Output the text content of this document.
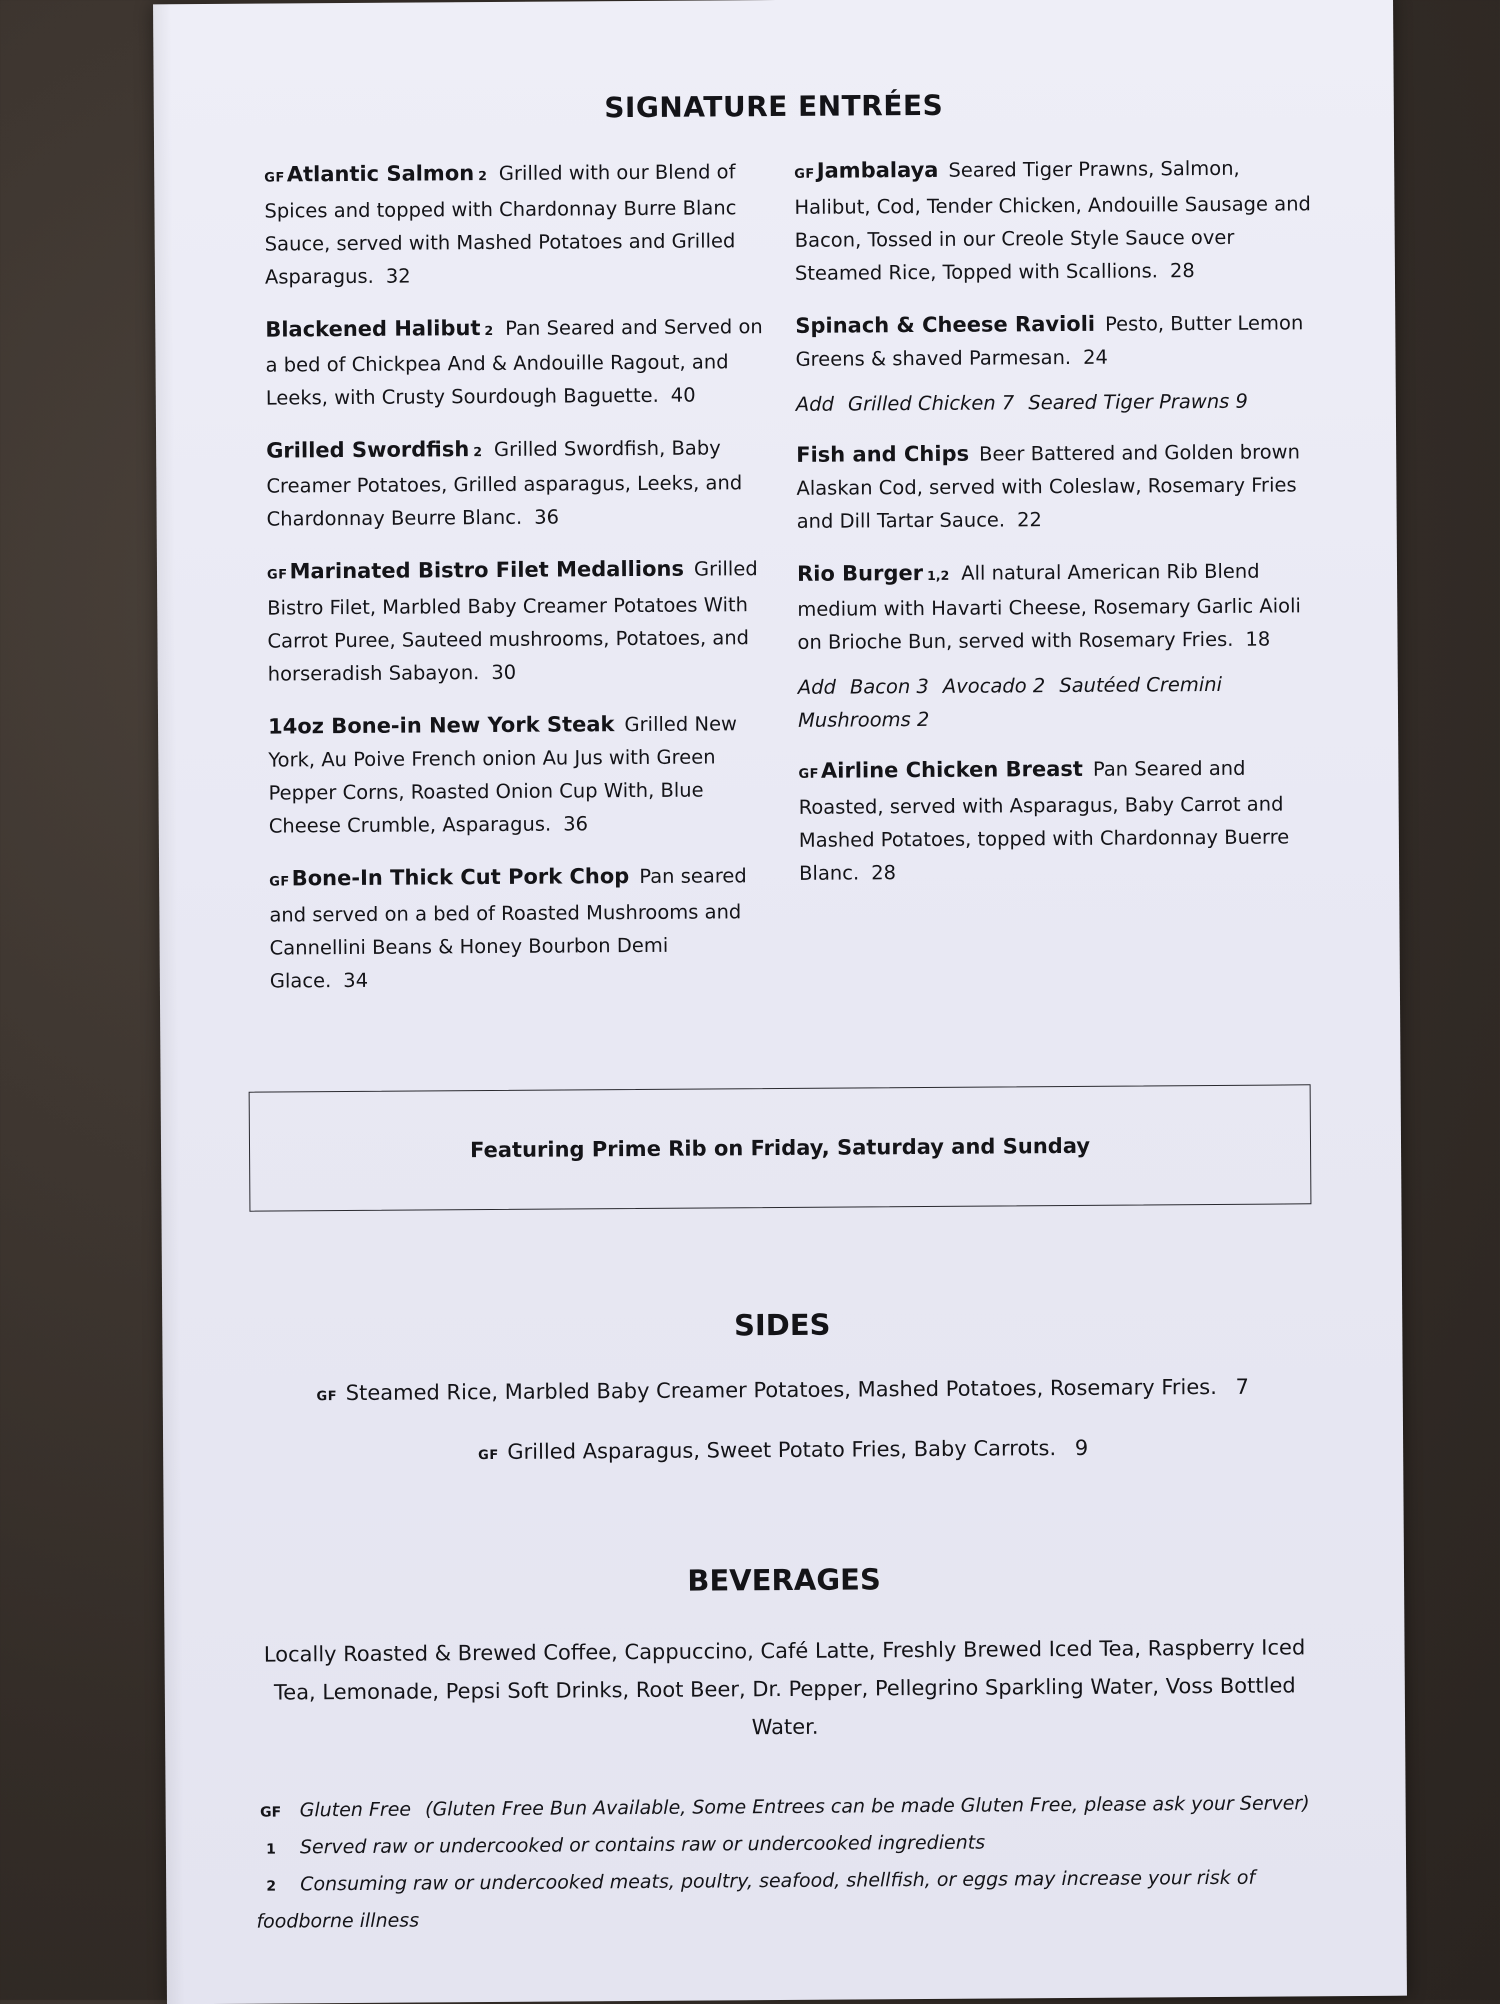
SIGNATURE ENTRÉES
GFAtlantic Salmon 2 Grilled with our Blend of Spices and topped with Chardonnay Burre Blanc Sauce, served with Mashed Potatoes and Grilled Asparagus. 32
Blackened Halibut 2 Pan Seared and Served on a bed of Chickpea And & Andouille Ragout, and Leeks, with Crusty Sourdough Baguette. 40
Grilled Swordfish 2 Grilled Swordfish, Baby Creamer Potatoes, Grilled asparagus, Leeks, and Chardonnay Beurre Blanc. 36
GFMarinated Bistro Filet Medallions Grilled Bistro Filet, Marbled Baby Creamer Potatoes With Carrot Puree, Sauteed mushrooms, Potatoes, and horseradish Sabayon. 30
14oz Bone-in New York Steak Grilled New York, Au Poive French onion Au Jus with Green Pepper Corns, Roasted Onion Cup With, Blue Cheese Crumble, Asparagus. 36
GFBone-In Thick Cut Pork Chop Pan seared and served on a bed of Roasted Mushrooms and Cannellini Beans & Honey Bourbon Demi Glace. 34
GFJambalaya Seared Tiger Prawns, Salmon, Halibut, Cod, Tender Chicken, Andouille Sausage and Bacon, Tossed in our Creole Style Sauce over Steamed Rice, Topped with Scallions. 28
Spinach & Cheese Ravioli Pesto, Butter Lemon Greens & shaved Parmesan. 24
Add Grilled Chicken 7 Seared Tiger Prawns 9
Fish and Chips Beer Battered and Golden brown Alaskan Cod, served with Coleslaw, Rosemary Fries and Dill Tartar Sauce. 22
Rio Burger 1,2 All natural American Rib Blend medium with Havarti Cheese, Rosemary Garlic Aioli on Brioche Bun, served with Rosemary Fries. 18
Add Bacon 3 Avocado 2 Sautéed Cremini Mushrooms 2
GFAirline Chicken Breast Pan Seared and Roasted, served with Asparagus, Baby Carrot and Mashed Potatoes, topped with Chardonnay Buerre Blanc. 28
Featuring Prime Rib on Friday, Saturday and Sunday
SIDES
GF Steamed Rice, Marbled Baby Creamer Potatoes, Mashed Potatoes, Rosemary Fries. 7
GF Grilled Asparagus, Sweet Potato Fries, Baby Carrots. 9
BEVERAGES
Locally Roasted & Brewed Coffee, Cappuccino, Café Latte, Freshly Brewed Iced Tea, Raspberry Iced Tea, Lemonade, Pepsi Soft Drinks, Root Beer, Dr. Pepper, Pellegrino Sparkling Water, Voss Bottled Water.
GF Gluten Free (Gluten Free Bun Available, Some Entrees can be made Gluten Free, please ask your Server)
1 Served raw or undercooked or contains raw or undercooked ingredients
2 Consuming raw or undercooked meats, poultry, seafood, shellfish, or eggs may increase your risk of foodborne illness
